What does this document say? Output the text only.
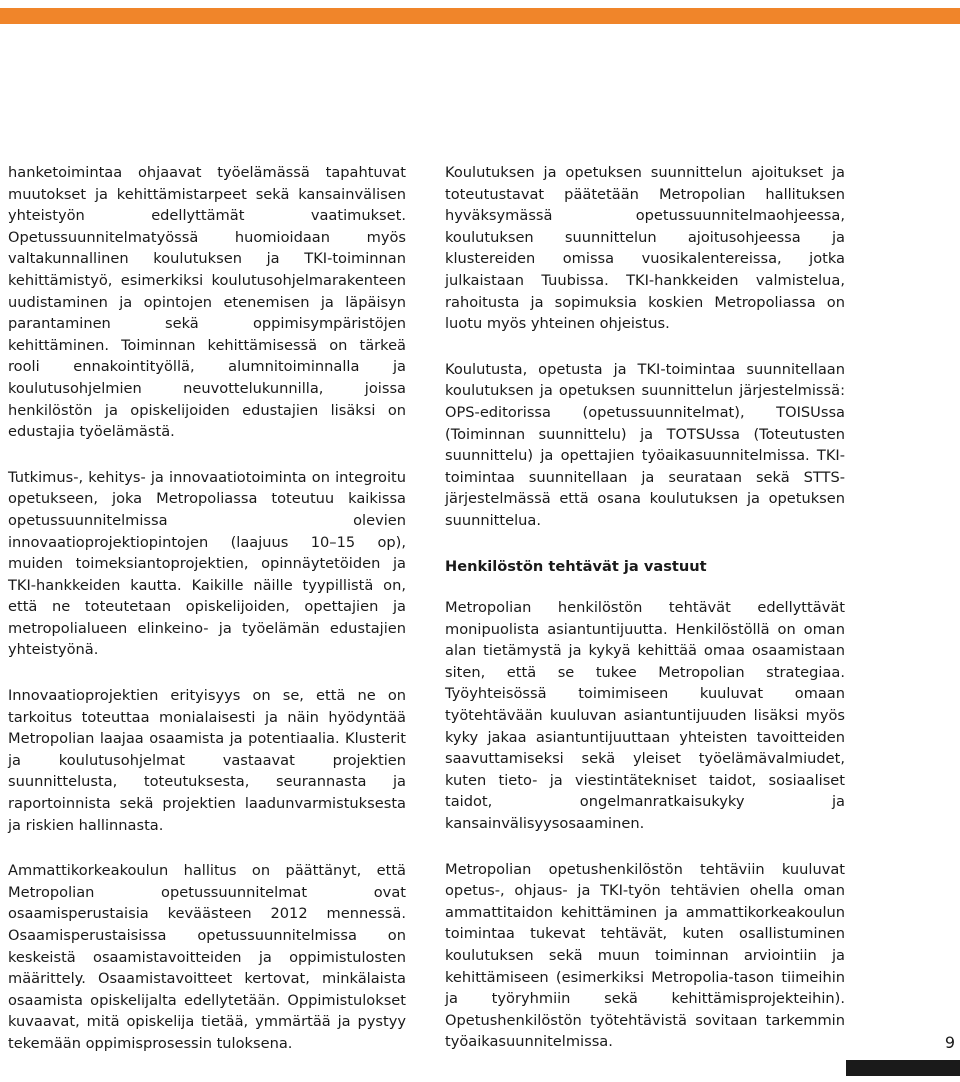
hanketoimintaa ohjaavat työelämässä tapahtuvat muutokset ja kehittämistarpeet sekä kansainvälisen yhteistyön edellyttämät vaatimukset. Opetussuunnitelmatyössä huomioidaan myös valtakunnallinen koulutuksen ja TKI-toiminnan kehittämistyö, esimerkiksi koulutusohjelmarakenteen uudistaminen ja opintojen etenemisen ja läpäisyn parantaminen sekä oppimisympäristöjen kehittäminen. Toiminnan kehittämisessä on tärkeä rooli ennakointityöllä, alumnitoiminnalla ja koulutusohjelmien neuvottelukunnilla, joissa henkilöstön ja opiskelijoiden edustajien lisäksi on edustajia työelämästä.

Tutkimus-, kehitys- ja innovaatiotoiminta on integroitu opetukseen, joka Metropoliassa toteutuu kaikissa opetussuunnitelmissa olevien innovaatioprojektiopintojen (laajuus 10–15 op), muiden toimeksiantoprojektien, opinnäytetöiden ja TKI-hankkeiden kautta. Kaikille näille tyypillistä on, että ne toteutetaan opiskelijoiden, opettajien ja metropolialueen elinkeino- ja työelämän edustajien yhteistyönä.

Innovaatioprojektien erityisyys on se, että ne on tarkoitus toteuttaa monialaisesti ja näin hyödyntää Metropolian laajaa osaamista ja potentiaalia. Klusterit ja koulutusohjelmat vastaavat projektien suunnittelusta, toteutuksesta, seurannasta ja raportoinnista sekä projektien laadunvarmistuksesta ja riskien hallinnasta.

Ammattikorkeakoulun hallitus on päättänyt, että Metropolian opetussuunnitelmat ovat osaamisperustaisia keväästeen 2012 mennessä. Osaamisperustaisissa opetussuunnitelmissa on keskeistä osaamistavoitteiden ja oppimistulosten määrittely. Osaamistavoitteet kertovat, minkälaista osaamista opiskelijalta edellytetään. Oppimistulokset kuvaavat, mitä opiskelija tietää, ymmärtää ja pystyy tekemään oppimisprosessin tuloksena.

Koulutuksen ja opetuksen suunnittelun ajoitukset ja toteutustavat päätetään Metropolian hallituksen hyväksymässä opetussuunnitelmaohjeessa, koulutuksen suunnittelun ajoitusohjeessa ja klustereiden omissa vuosikalentereissa, jotka julkaistaan Tuubissa. TKI-hankkeiden valmistelua, rahoitusta ja sopimuksia koskien Metropoliassa on luotu myös yhteinen ohjeistus.

Koulutusta, opetusta ja TKI-toimintaa suunnitellaan koulutuksen ja opetuksen suunnittelun järjestelmissä: OPS-editorissa (opetussuunnitelmat), TOISUssa (Toiminnan suunnittelu) ja TOTSUssa (Toteutusten suunnittelu) ja opettajien työaikasuunnitelmissa. TKI-toimintaa suunnitellaan ja seurataan sekä STTS-järjestelmässä että osana koulutuksen ja opetuksen suunnittelua.

Henkilöstön tehtävät ja vastuut

Metropolian henkilöstön tehtävät edellyttävät monipuolista asiantuntijuutta. Henkilöstöllä on oman alan tietämystä ja kykyä kehittää omaa osaamistaan siten, että se tukee Metropolian strategiaa. Työyhteisössä toimimiseen kuuluvat omaan työtehtävään kuuluvan asiantuntijuuden lisäksi myös kyky jakaa asiantuntijuuttaan yhteisten tavoitteiden saavuttamiseksi sekä yleiset työelämävalmiudet, kuten tieto- ja viestintätekniset taidot, sosiaaliset taidot, ongelmanratkaisukyky ja kansainvälisyysosaaminen.

Metropolian opetushenkilöstön tehtäviin kuuluvat opetus-, ohjaus- ja TKI-työn tehtävien ohella oman ammattitaidon kehittäminen ja ammattikorkeakoulun toimintaa tukevat tehtävät, kuten osallistuminen koulutuksen sekä muun toiminnan arviointiin ja kehittämiseen (esimerkiksi Metropolia-tason tiimeihin ja työryhmiin sekä kehittämisprojekteihin). Opetushenkilöstön työtehtävistä sovitaan tarkemmin työaikasuunnitelmissa.	9
